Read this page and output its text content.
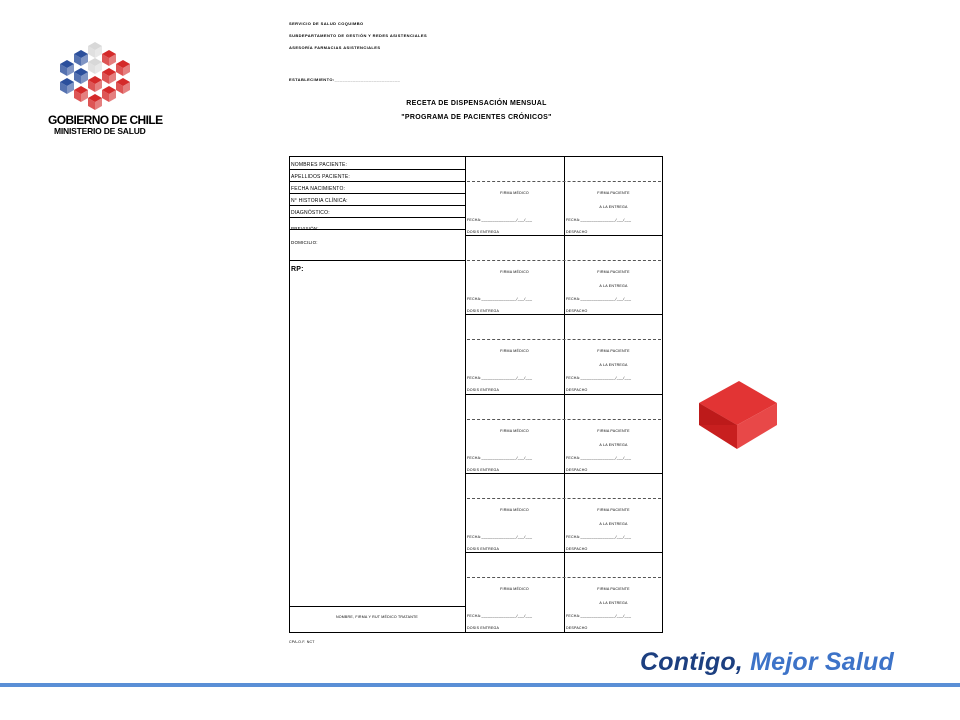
GOBIERNO DE CHILE
MINISTERIO DE SALUD
SERVICIO DE SALUD COQUIMBO
SUBDEPARTAMENTO DE GESTIÓN Y REDES ASISTENCIALES
ASESORÍA FARMACIAS ASISTENCIALES
ESTABLECIMIENTO:_________________________
RECETA DE DISPENSACIÓN MENSUAL
"PROGRAMA DE PACIENTES CRÓNICOS"
NOMBRES PACIENTE:
APELLIDOS PACIENTE:
FECHA NACIMIENTO:
N° HISTORIA CLÍNICA:
DIAGNÓSTICO:
PREVISIÓN:
DOMICILIO:
RP:
NOMBRE, FIRMA Y RUT MÉDICO TRATANTE
FIRMA MÉDICO
FECHA:________________/___/___
DOSIS ENTREGA
FIRMA PACIENTE
A LA ENTREGA
FECHA:________________/___/___
DESPACHO
FIRMA MÉDICO
FECHA:________________/___/___
DOSIS ENTREGA
FIRMA PACIENTE
A LA ENTREGA
FECHA:________________/___/___
DESPACHO
FIRMA MÉDICO
FECHA:________________/___/___
DOSIS ENTREGA
FIRMA PACIENTE
A LA ENTREGA
FECHA:________________/___/___
DESPACHO
FIRMA MÉDICO
FECHA:________________/___/___
DOSIS ENTREGA
FIRMA PACIENTE
A LA ENTREGA
FECHA:________________/___/___
DESPACHO
FIRMA MÉDICO
FECHA:________________/___/___
DOSIS ENTREGA
FIRMA PACIENTE
A LA ENTREGA
FECHA:________________/___/___
DESPACHO
FIRMA MÉDICO
FECHA:________________/___/___
DOSIS ENTREGA
FIRMA PACIENTE
A LA ENTREGA
FECHA:________________/___/___
DESPACHO
CPA-O.F. NCT
Contigo, Mejor Salud
